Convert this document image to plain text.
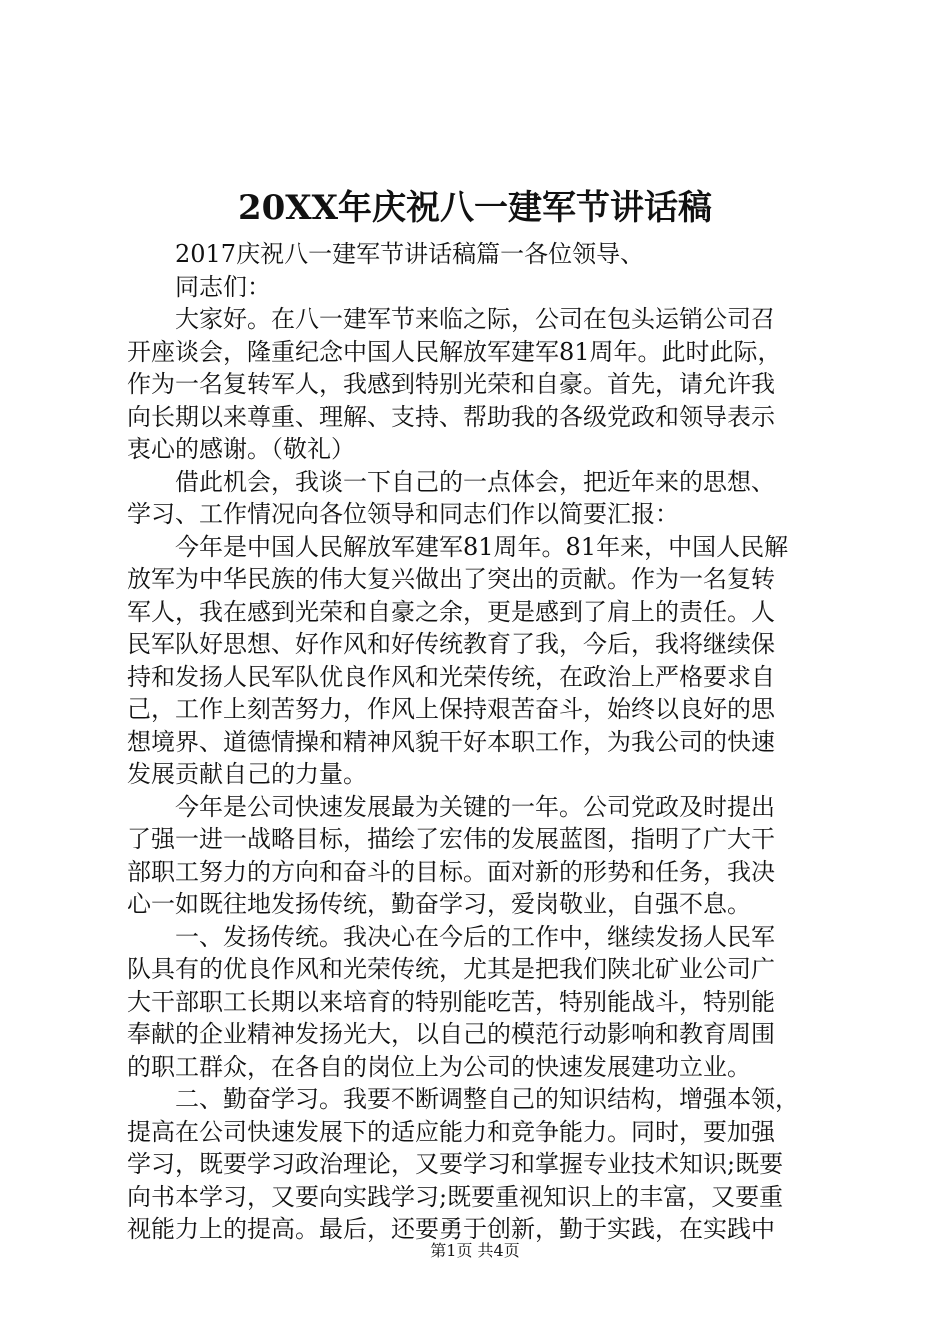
20XX年庆祝八一建军节讲话稿
2017庆祝八一建军节讲话稿篇一各位领导、
同志们：
大家好。在八一建军节来临之际，公司在包头运销公司召
开座谈会，隆重纪念中国人民解放军建军81周年。此时此际，
作为一名复转军人，我感到特别光荣和自豪。首先，请允许我
向长期以来尊重、理解、支持、帮助我的各级党政和领导表示
衷心的感谢。（敬礼）
借此机会，我谈一下自己的一点体会，把近年来的思想、
学习、工作情况向各位领导和同志们作以简要汇报：
今年是中国人民解放军建军81周年。81年来，中国人民解
放军为中华民族的伟大复兴做出了突出的贡献。作为一名复转
军人，我在感到光荣和自豪之余，更是感到了肩上的责任。人
民军队好思想、好作风和好传统教育了我，今后，我将继续保
持和发扬人民军队优良作风和光荣传统，在政治上严格要求自
己，工作上刻苦努力，作风上保持艰苦奋斗，始终以良好的思
想境界、道德情操和精神风貌干好本职工作，为我公司的快速
发展贡献自己的力量。
今年是公司快速发展最为关键的一年。公司党政及时提出
了强一进一战略目标，描绘了宏伟的发展蓝图，指明了广大干
部职工努力的方向和奋斗的目标。面对新的形势和任务，我决
心一如既往地发扬传统，勤奋学习，爱岗敬业，自强不息。
一、发扬传统。我决心在今后的工作中，继续发扬人民军
队具有的优良作风和光荣传统，尤其是把我们陕北矿业公司广
大干部职工长期以来培育的特别能吃苦，特别能战斗，特别能
奉献的企业精神发扬光大，以自己的模范行动影响和教育周围
的职工群众，在各自的岗位上为公司的快速发展建功立业。
二、勤奋学习。我要不断调整自己的知识结构，增强本领，
提高在公司快速发展下的适应能力和竞争能力。同时，要加强
学习，既要学习政治理论，又要学习和掌握专业技术知识;既要
向书本学习，又要向实践学习;既要重视知识上的丰富，又要重
视能力上的提高。最后，还要勇于创新，勤于实践，在实践中
第1页 共4页
